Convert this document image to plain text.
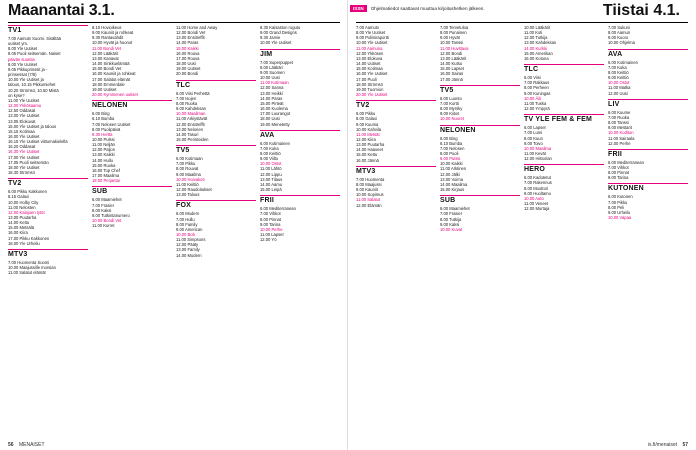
Maanantai 3.1.	ISSN	Ohjelmatiedot saattavat muuttua kirjoitushetken jälkeen.	Tiistai 4.1.
TV1
7.00 Aamutv Suomi. Sisältää
uutiset ym.
8.00 Yle Uutiset
8.05 Puoli seitsemän. Naiset
päivän suuntia
8.00 Yle Uutiset
9.05 Pikkuprinssit ja -
prinsessat (7/8)
10.00 Yle Uutiset ja
talous, 10.15 Pikkumiehet
10.20 Strömsö, 10.50 Mistä
on kyse?
11.00 Yle Uutiset
12.00 Ykkösaamu
12.50 Oddasat
13.00 Yle Uutiset
13.05 Elokuvat
15.00 Yle Uutiset ja talous
15.15 Kotimaa
16.00 Yle Uutiset
16.15 Yle Uutiset viittomakielellä
16.20 Oddasat
16.30 Yle Uutiset
17.00 Yle Uutiset
17.05 Puoli seitsemän
18.00 Yle Uutiset
18.30 Strömsö
TV2
6.00 Pikku Kakkonen
8.15 Galaxi
10.00 Holby City
11.00 Nelosten
12.00 Kalajoen tytöt
13.00 Puutarha
14.00 Kettu
15.00 Metsälä
16.00 Kiira
17.00 Pikku Kakkonen
18.00 Yle Urheilu
MTV3
7.00 Huomenta Suomi
10.00 Maajussille morsian
11.00 Salatut elämät
8.10 Hovioikeus
9.00 Kauniit ja rohkeat
9.30 Rantavahdit
10.00 Hyvät ja huonot
11.00 Bondi Vet
12.00 Lääkärit
13.00 Kanavat
14.00 Sinkkuelämää
15.00 Bondi Vet
16.00 Kauniit ja rohkeat
17.00 Salatut elämät
18.00 Emmerdale
19.00 Uutiset
20.00 Kymmenen uutiset
NELONEN
6.00 Bing
6.10 Bumba
7.00 Nelosen Uutiset
8.00 Puolipäivä
9.30 Hertta
10.00 Pulssi
11.00 Neljän
12.00 Paljon
13.00 Kaikki
14.00 Hullu
15.00 Ruoka
16.00 Top Chef
17.00 Maailma
18.00 Perjantai
SUB
6.00 Maamiehet
7.00 Frasier
8.00 Kaksi
9.00 Tutkintanumero
10.00 Bondi Vet
11.00 Kurret
11.00 Home and Away
12.00 Bondi Vet
13.00 Ensitreffit
14.00 Paras
15.00 Kaikki
16.00 Rouva
17.00 Rouva
18.00 Uusi
19.00 Uutiset
20.00 Bondi
TLC
6.00 Viisi Perhettä
7.00 Isojen
8.00 Ruoka
9.00 Kahdeksan
10.00 Maailman
11.00 Arkiystävät
12.00 Ensitreffit
13.00 Nelonen
14.00 Tasuri
15.00 Perinteiden
TV5
6.00 Kotimaan
7.00 Pikku
8.00 Rouvat
9.00 Maailma
10.00 Hoivakoti
11.00 Keittiö
12.00 Raudoitukset
13.00 Talous
FOX
6.00 Modern
7.00 Hullu
8.00 Family
9.00 American
10.00 Bob
11.00 Simpsons
12.00 Pääty
13.00 Family
14.00 Modern
8.30 Kaisaston rogutu
9.00 Grand Designs
9.30 Jamie
10.00 Yle Uutiset
JIM
7.00 Superpuppet
8.00 Lääkäri
9.00 Suomen
10.00 Uusi
11.00 Kotimaan
12.00 Sanna
13.00 Heikki
14.00 Paras
15.00 Pirteät
16.00 Kuolema
17.00 Luurangot
18.00 Uusi
19.00 Menetetty
AVA
6.00 Kotimainen
7.00 Kuka
8.00 Keittiö
9.00 Viilto
10.00 Ostot
11.00 Lähtö
12.00 Lippu
13.00 Tilaus
14.00 Aamu
15.00 Leipä
FRII
6.00 Mediterranean
7.00 Vihkot
8.00 Pinnat
9.00 Tarina
10.00 Perhe
11.00 Lapset
12.00 Yö
7.00 Aamutv
8.00 Yle Uutiset
9.00 Poliisiraportti
10.00 Yle Uutiset
11.00 Aamuna
12.00 Ykkösen
13.00 Elokuva
14.00 Uutiset
15.00 Kotimaa
16.00 Yle Uutiset
17.00 Puoli
18.00 Strömsö
19.00 Tuomion
20.00 Yle Uutiset
TV2
6.00 Pikku
8.00 Galaxi
9.00 Kuuma
10.00 Kahvila
11.00 Metsät
12.00 Kiira
13.00 Puutarha
14.00 Haaveet
15.00 Kettu
16.00 Jännä
MTV3
7.00 Huomenta
8.00 Maajussi
9.00 Kauniit
10.00 Sopimus
11.00 Salatut
12.00 Elämän
7.00 Tervetuloa
8.00 Punainen
9.00 Hyvät
10.00 Tanssi
11.00 Huvittava
12.00 Bondi
13.00 Lääkärit
14.00 Kutsu
15.00 Lapset
16.00 Sairas
17.00 Jännä
TV5
6.00 Luonto
7.00 Kortti
8.00 Myrsky
9.00 Kiitos
10.00 Nuoret
NELONEN
6.00 Bing
6.10 Bumba
7.00 Nelosen
8.00 Puoli
9.00 Pulssi
10.00 Kaikki
11.00 Arktinen
12.00 Jälki
13.00 Voima
14.00 Maailma
15.00 Kirjaus
SUB
6.00 Maamiehet
7.00 Frasier
8.00 Tutkija
9.00 Kaksi
10.00 Kuvat
10.00 Lääkärit
11.00 Koti
12.00 Tutkija
13.00 Kahdeksan
14.00 Kurkki
15.00 Amerikan
16.00 Kotona
TLC
6.00 Viisi
7.00 Rakkaus
8.00 Perheen
9.00 Kuningas
10.00 Äiti
11.00 Tuska
12.00 Ympyrä
TV YLE FEM & FEM
6.00 Lapset
7.00 Lumi
8.00 Kuun
9.00 Toivo
10.00 Maailma
11.00 Kevät
12.00 Historian
HERO
6.00 Kadotetut
7.00 Rakennus
8.00 Moottori
9.00 Huoltamo
10.00 Auto
11.00 Veneet
12.00 Murtaja
7.00 Sukuni
8.00 Aamun
9.00 Kuoro
10.00 Ohjelma
AVA
6.00 Kotimainen
7.00 Kuka
8.00 Keittiö
9.00 Keittiö
10.00 Ostot
11.00 Matka
12.00 Uusi
LIV
6.00 Kuume
7.00 Ruoka
8.00 Tanssi
9.00 Mestarit
10.00 Koditon
11.00 Sairaala
12.00 Perhe
FRII
6.00 Mediterranean
7.00 Vihkot
8.00 Pinnat
9.00 Tarina
KUTONEN
6.00 Kutonen
7.00 Pikku
8.00 Peli
9.00 Urheilu
10.00 Vapaa
56 MENAISET	is.fi/menaiset 57
